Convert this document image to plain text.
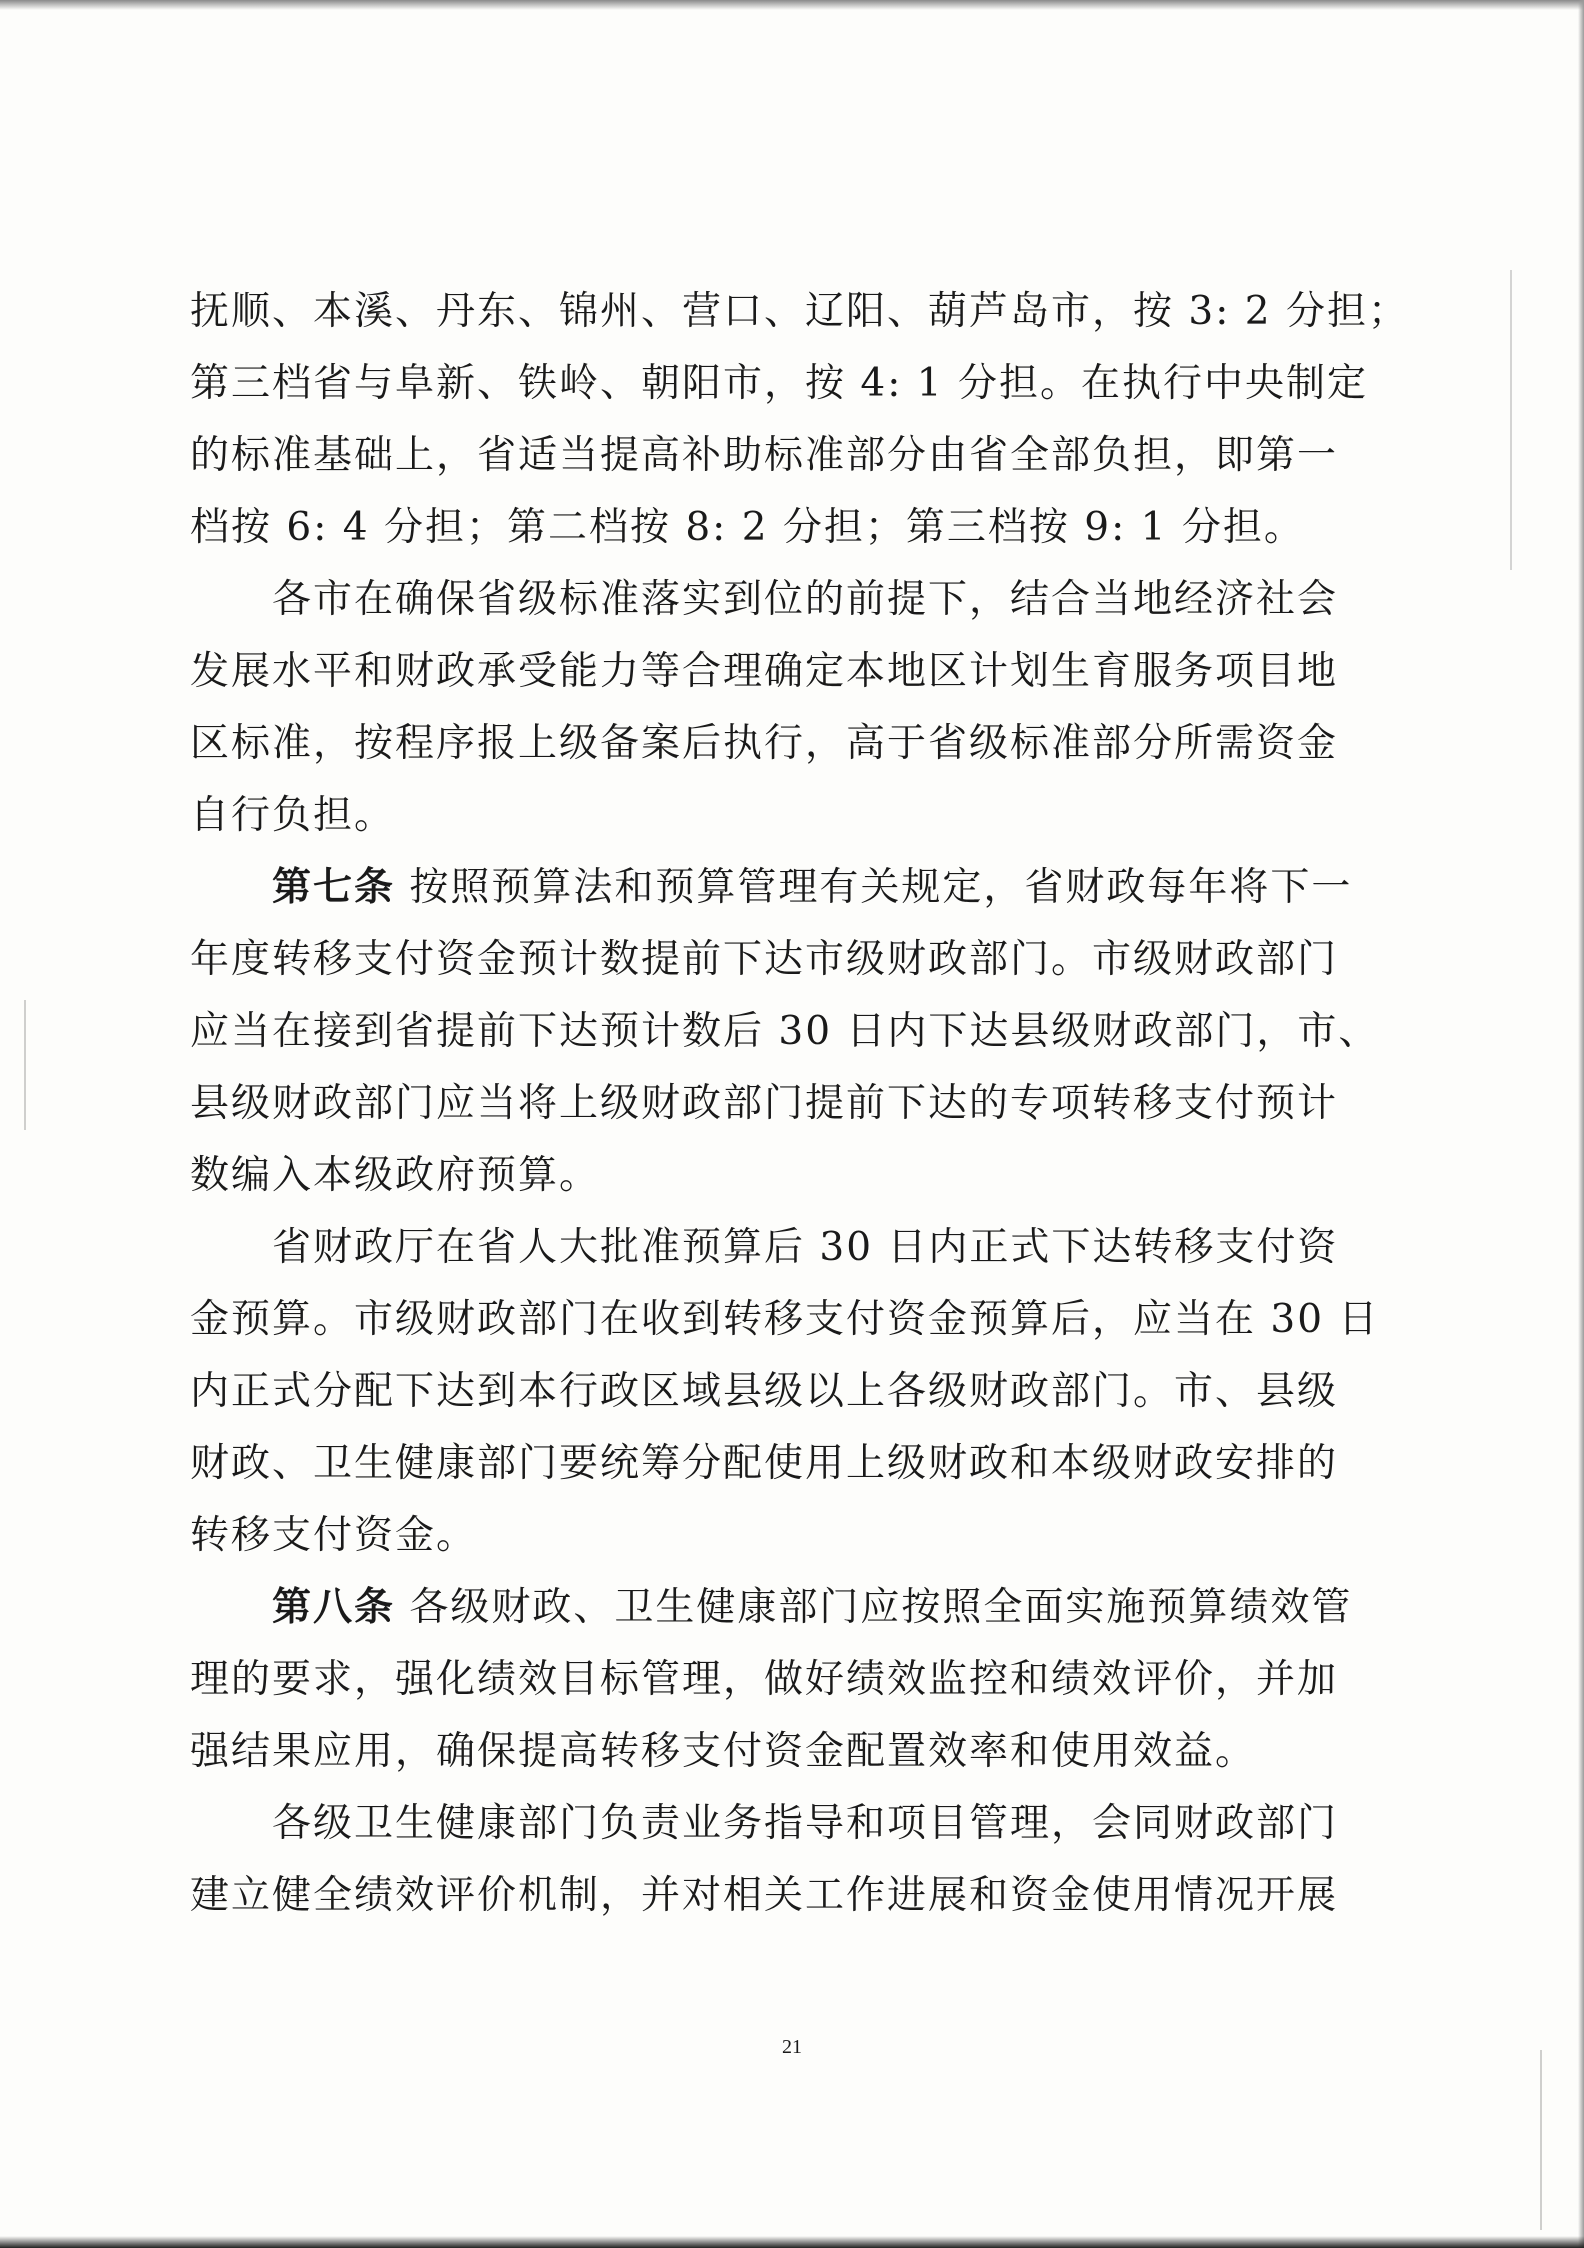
抚顺、本溪、丹东、锦州、营口、辽阳、葫芦岛市，按 3: 2 分担；
第三档省与阜新、铁岭、朝阳市，按 4: 1 分担。在执行中央制定
的标准基础上，省适当提高补助标准部分由省全部负担，即第一
档按 6: 4 分担；第二档按 8: 2 分担；第三档按 9: 1 分担。
各市在确保省级标准落实到位的前提下，结合当地经济社会
发展水平和财政承受能力等合理确定本地区计划生育服务项目地
区标准，按程序报上级备案后执行，高于省级标准部分所需资金
自行负担。
第七条 按照预算法和预算管理有关规定，省财政每年将下一
年度转移支付资金预计数提前下达市级财政部门。市级财政部门
应当在接到省提前下达预计数后 30 日内下达县级财政部门，市、
县级财政部门应当将上级财政部门提前下达的专项转移支付预计
数编入本级政府预算。
省财政厅在省人大批准预算后 30 日内正式下达转移支付资
金预算。市级财政部门在收到转移支付资金预算后，应当在 30 日
内正式分配下达到本行政区域县级以上各级财政部门。市、县级
财政、卫生健康部门要统筹分配使用上级财政和本级财政安排的
转移支付资金。
第八条 各级财政、卫生健康部门应按照全面实施预算绩效管
理的要求，强化绩效目标管理，做好绩效监控和绩效评价，并加
强结果应用，确保提高转移支付资金配置效率和使用效益。
各级卫生健康部门负责业务指导和项目管理，会同财政部门
建立健全绩效评价机制，并对相关工作进展和资金使用情况开展
21
